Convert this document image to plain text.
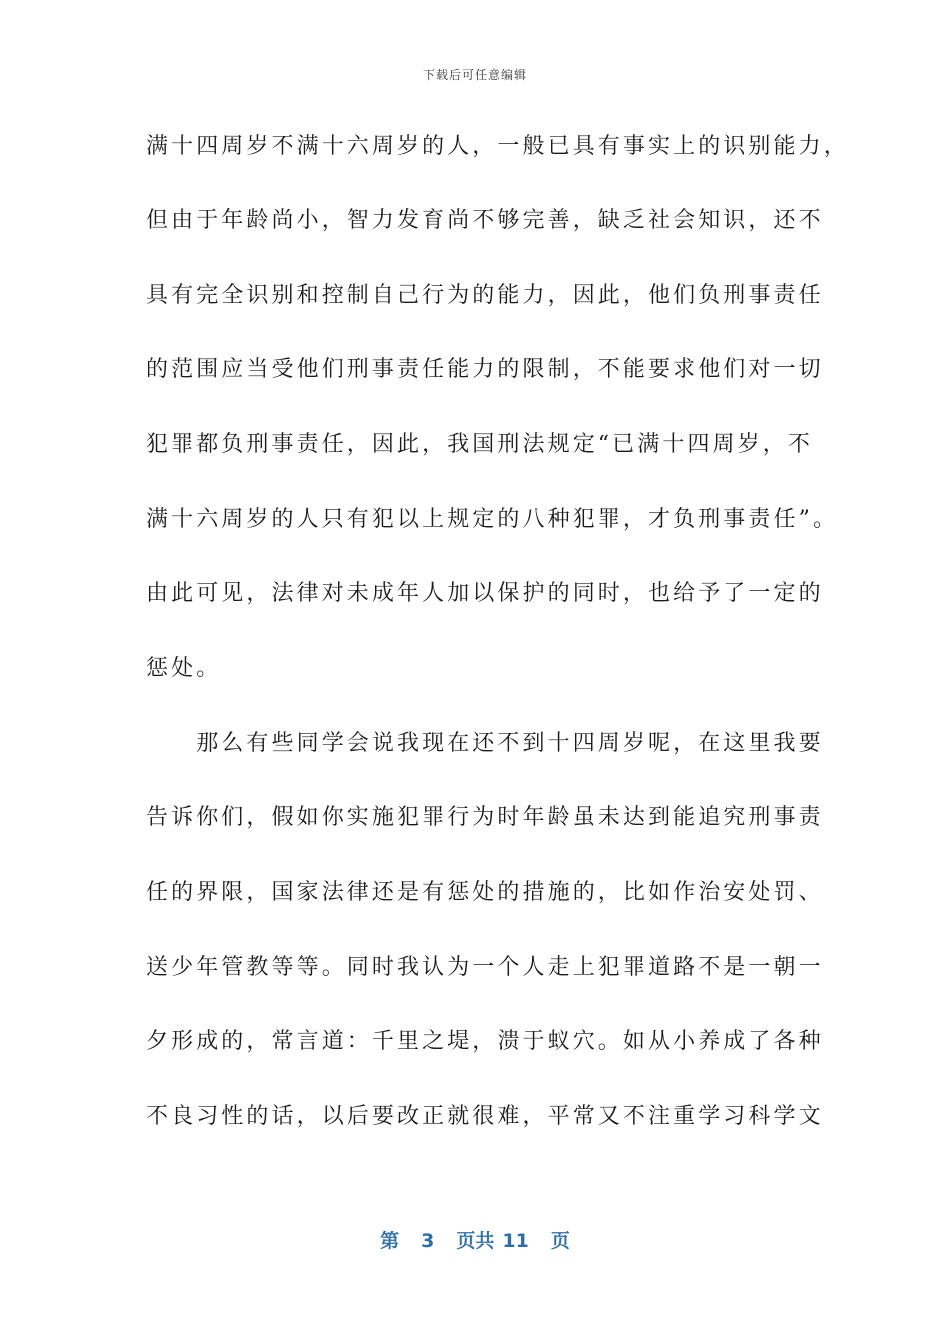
下载后可任意编辑
满十四周岁不满十六周岁的人，一般已具有事实上的识别能力，
但由于年龄尚小，智力发育尚不够完善，缺乏社会知识，还不
具有完全识别和控制自己行为的能力，因此，他们负刑事责任
的范围应当受他们刑事责任能力的限制，不能要求他们对一切
犯罪都负刑事责任，因此，我国刑法规定“已满十四周岁，不
满十六周岁的人只有犯以上规定的八种犯罪，才负刑事责任”。
由此可见，法律对未成年人加以保护的同时，也给予了一定的
惩处。
　　那么有些同学会说我现在还不到十四周岁呢，在这里我要
告诉你们，假如你实施犯罪行为时年龄虽未达到能追究刑事责
任的界限，国家法律还是有惩处的措施的，比如作治安处罚、
送少年管教等等。同时我认为一个人走上犯罪道路不是一朝一
夕形成的，常言道：千里之堤，溃于蚁穴。如从小养成了各种
不良习性的话，以后要改正就很难，平常又不注重学习科学文
第 3 页共 11 页
